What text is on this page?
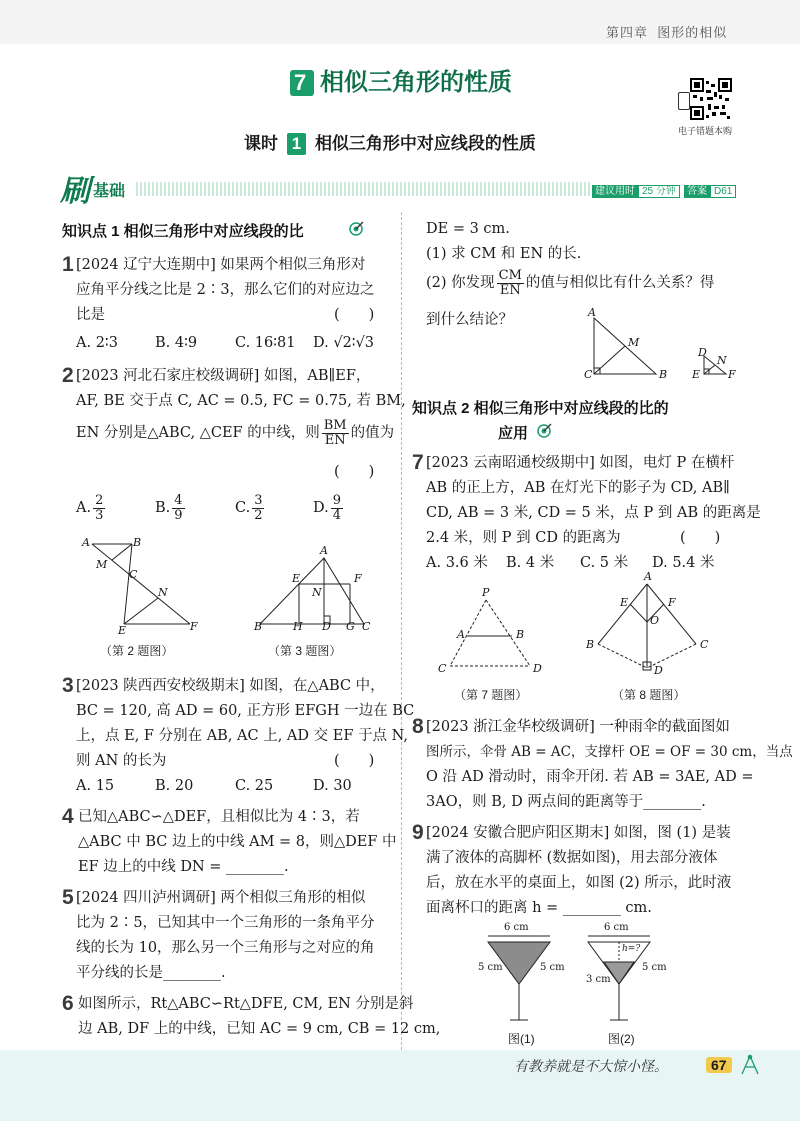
第四章 图形的相似
7 相似三角形的性质
电子错题本购
课时 1 相似三角形中对应线段的性质
刷 基础	建议用时 25 分钟	答案 D61
知识点 1 相似三角形中对应线段的比
1 [2024 辽宁大连期中] 如果两个相似三角形对
应角平分线之比是 2∶3，那么它们的对应边之
比是	(　　)
A. 2∶3	B. 4∶9	C. 16∶81 D. √2∶√3
2 [2023 河北石家庄校级调研] 如图，AB∥EF，
AF, BE 交于点 C, AC = 0.5, FC = 0.75, 若 BM,
EN 分别是△ABC, △CEF 的中线，则 $\frac{BM}{EN}$ 的值为
(　　)
A. $\frac{2}{3}$	B. $\frac{4}{9}$	C. $\frac{3}{2}$	D. $\frac{9}{4}$
A	B
M
C
N
E	F
（第 2 题图）
A
E	F
N
B	H D G C
（第 3 题图）
3 [2023 陕西西安校级期末] 如图，在△ABC 中，
BC = 120, 高 AD = 60, 正方形 EFGH 一边在 BC
上，点 E, F 分别在 AB, AC 上, AD 交 EF 于点 N,
则 AN 的长为	(　　)
A. 15	B. 20	C. 25	D. 30
4 已知△ABC∽△DEF，且相似比为 4∶3，若
△ABC 中 BC 边上的中线 AM = 8，则△DEF 中
EF 边上的中线 DN = ________.
5 [2024 四川泸州调研] 两个相似三角形的相似
比为 2∶5，已知其中一个三角形的一条角平分
线的长为 10，那么另一个三角形与之对应的角
平分线的长是________.
6 如图所示，Rt△ABC∽Rt△DFE, CM, EN 分别是斜
边 AB, DF 上的中线，已知 AC = 9 cm, CB = 12 cm,
DE = 3 cm.
(1) 求 CM 和 EN 的长.
(2) 你发现 $\frac{CM}{EN}$ 的值与相似比有什么关系？得
到什么结论？	A
M
C	B
D
N
E	F
知识点 2 相似三角形中对应线段的比的
应用
7 [2023 云南昭通校级期中] 如图，电灯 P 在横杆
AB 的正上方，AB 在灯光下的影子为 CD, AB∥
CD, AB = 3 米, CD = 5 米，点 P 到 AB 的距离是
2.4 米，则 P 到 CD 的距离为	(　　)
A. 3.6 米 B. 4 米 C. 5 米 D. 5.4 米
P
A	B
C	D
（第 7 题图）
A
E	F
O
B	C
D
（第 8 题图）
8 [2023 浙江金华校级调研] 一种雨伞的截面图如
图所示，伞骨 AB = AC，支撑杆 OE = OF = 30 cm，当点
O 沿 AD 滑动时，雨伞开闭. 若 AB = 3AE, AD =
3AO，则 B, D 两点间的距离等于________.
9 [2024 安徽合肥庐阳区期末] 如图，图 (1) 是装
满了液体的高脚杯 (数据如图)，用去部分液体
后，放在水平的桌面上，如图 (2) 所示，此时液
面离杯口的距离 h = ________ cm.
6 cm
5 cm	5 cm
6 cm
h=?
3 cm
5 cm
图(1)	图(2)
有教养就是不大惊小怪。	67
